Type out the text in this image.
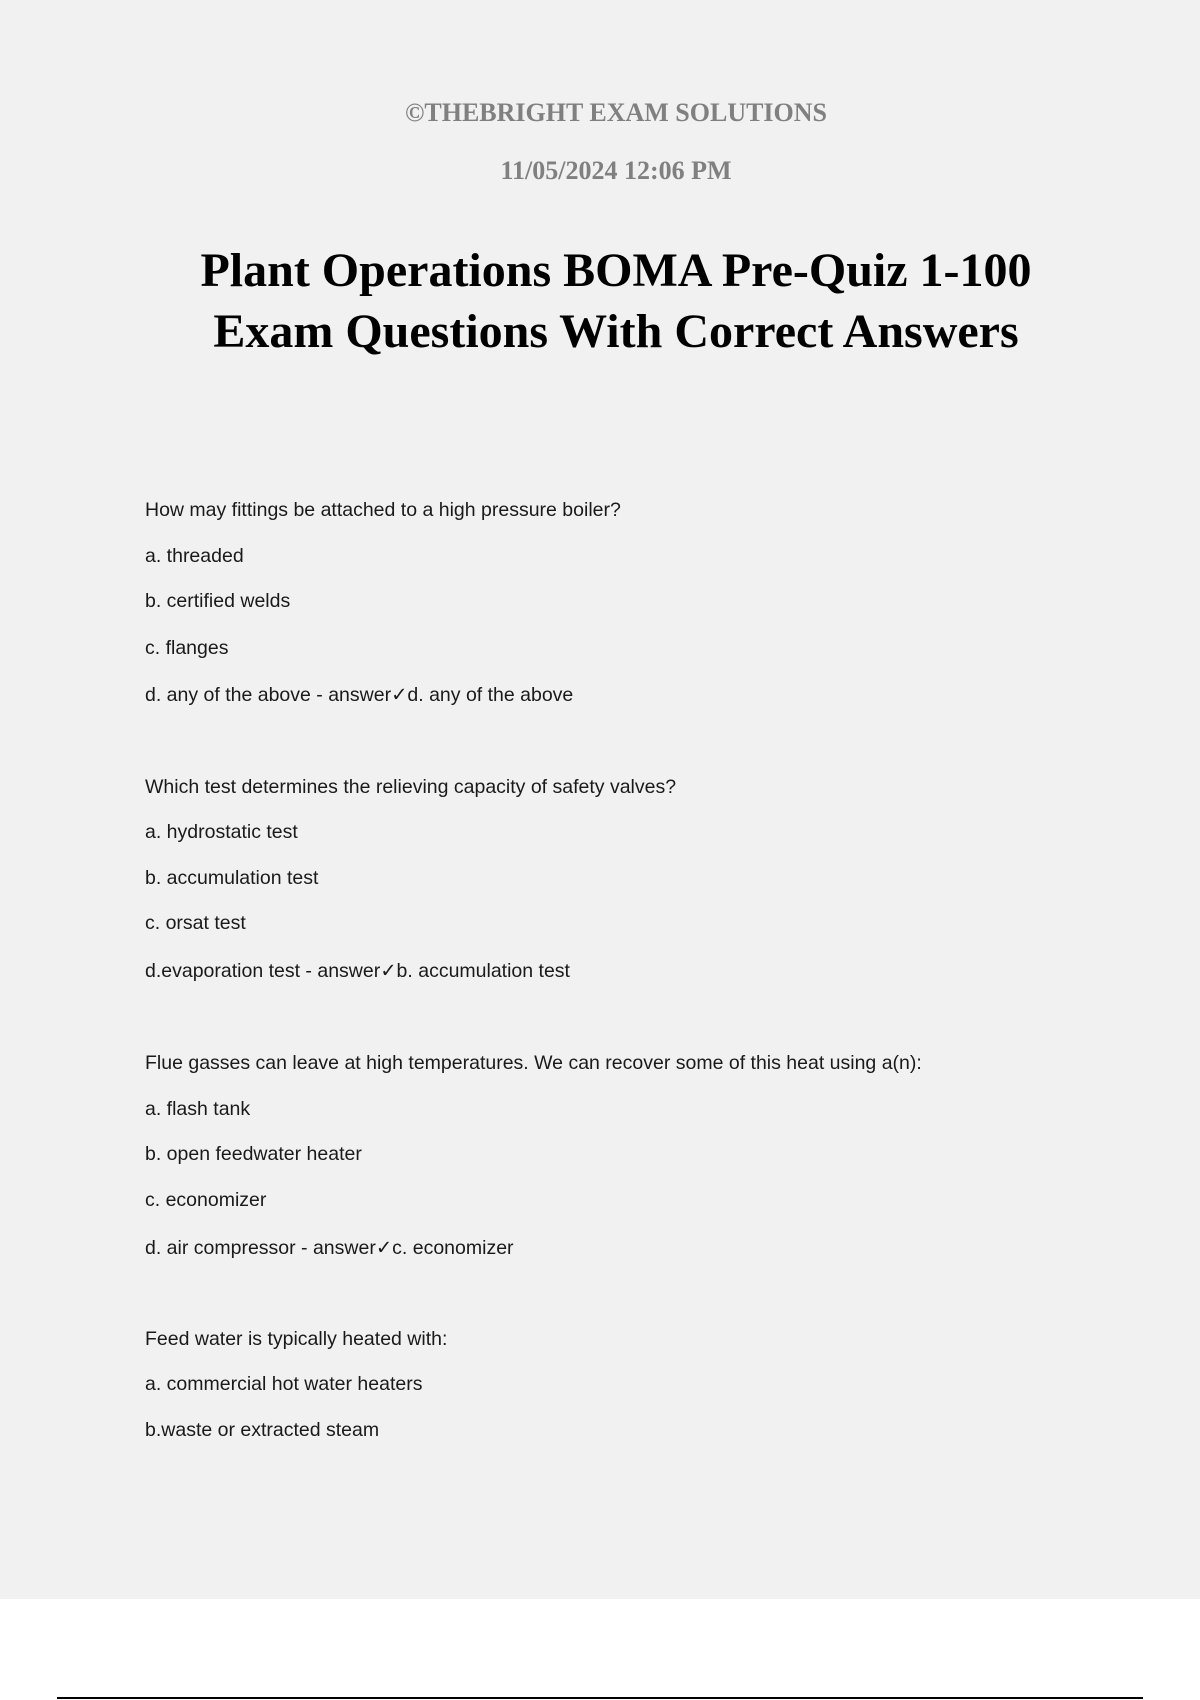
©THEBRIGHT EXAM SOLUTIONS
11/05/2024 12:06 PM
Plant Operations BOMA Pre-Quiz 1-100
Exam Questions With Correct Answers
How may fittings be attached to a high pressure boiler?
a. threaded
b. certified welds
c. flanges
d. any of the above - answer✓d. any of the above
Which test determines the relieving capacity of safety valves?
a. hydrostatic test
b. accumulation test
c. orsat test
d.evaporation test - answer✓b. accumulation test
Flue gasses can leave at high temperatures. We can recover some of this heat using a(n):
a. flash tank
b. open feedwater heater
c. economizer
d. air compressor - answer✓c. economizer
Feed water is typically heated with:
a. commercial hot water heaters
b.waste or extracted steam
